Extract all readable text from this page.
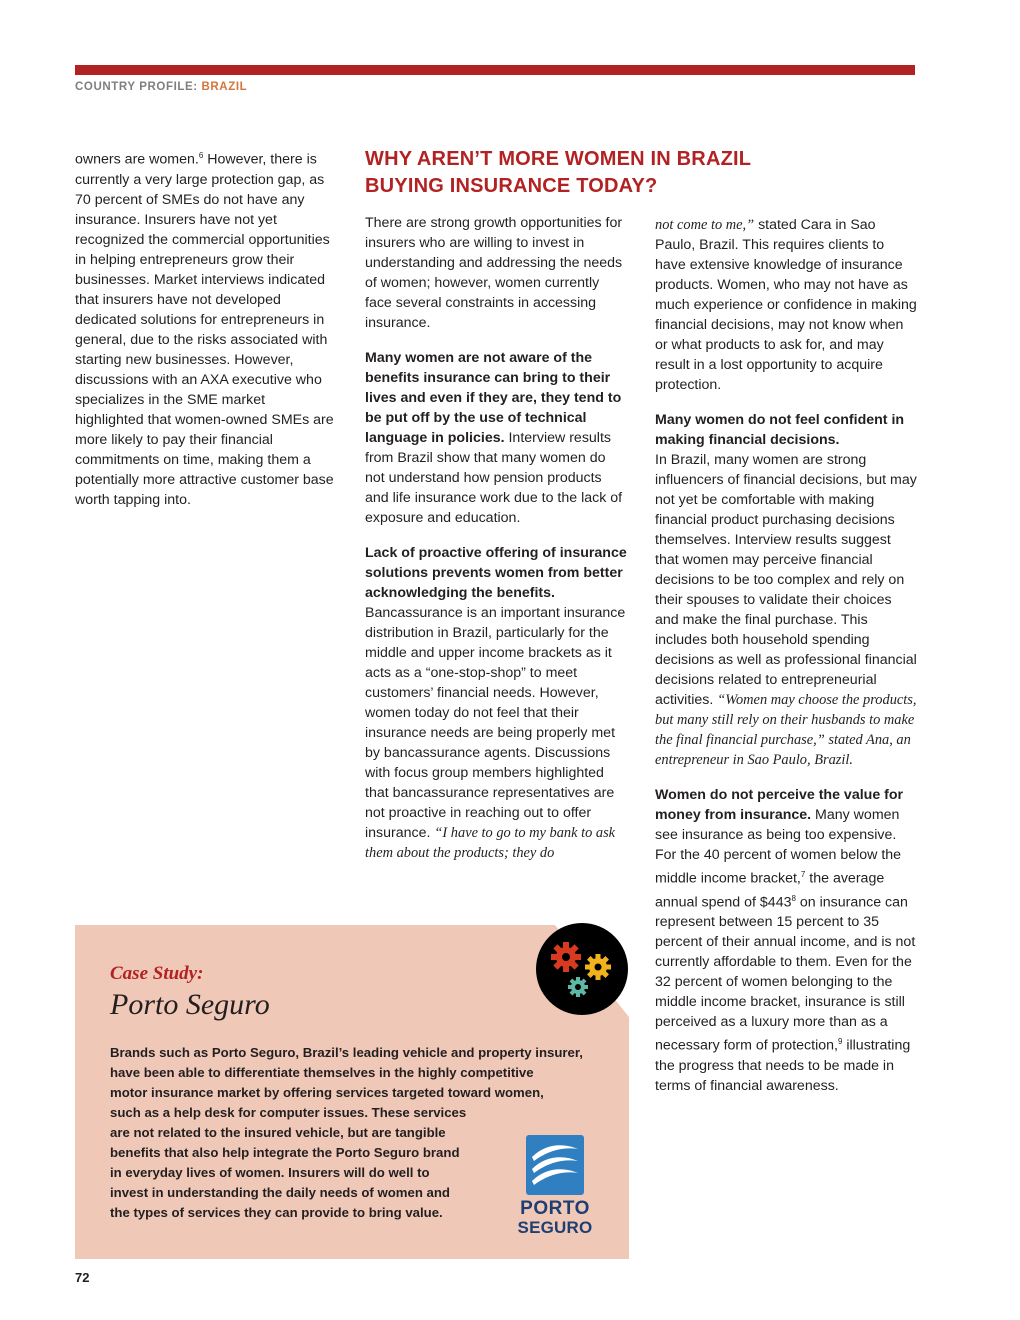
COUNTRY PROFILE: BRAZIL

owners are women.$^6$ However, there is currently a very large protection gap, as 70 percent of SMEs do not have any insurance. Insurers have not yet recognized the commercial opportunities in helping entrepreneurs grow their businesses. Market interviews indicated that insurers have not developed dedicated solutions for entrepreneurs in general, due to the risks associated with starting new businesses. However, discussions with an AXA executive who specializes in the SME market highlighted that women-owned SMEs are more likely to pay their financial commitments on time, making them a potentially more attractive customer base worth tapping into.

WHY AREN’T MORE WOMEN IN BRAZIL BUYING INSURANCE TODAY?

There are strong growth opportunities for insurers who are willing to invest in understanding and addressing the needs of women; however, women currently face several constraints in accessing insurance.

Many women are not aware of the benefits insurance can bring to their lives and even if they are, they tend to be put off by the use of technical language in policies. Interview results from Brazil show that many women do not understand how pension products and life insurance work due to the lack of exposure and education.

Lack of proactive offering of insurance solutions prevents women from better acknowledging the benefits. Bancassurance is an important insurance distribution in Brazil, particularly for the middle and upper income brackets as it acts as a “one-stop-shop” to meet customers’ financial needs. However, women today do not feel that their insurance needs are being properly met by bancassurance agents. Discussions with focus group members highlighted that bancassurance representatives are not proactive in reaching out to offer insurance. “I have to go to my bank to ask them about the products; they do

not come to me,” stated Cara in Sao Paulo, Brazil. This requires clients to have extensive knowledge of insurance products. Women, who may not have as much experience or confidence in making financial decisions, may not know when or what products to ask for, and may result in a lost opportunity to acquire protection.

Many women do not feel confident in making financial decisions.
In Brazil, many women are strong influencers of financial decisions, but may not yet be comfortable with making financial product purchasing decisions themselves. Interview results suggest that women may perceive financial decisions to be too complex and rely on their spouses to validate their choices and make the final purchase. This includes both household spending decisions as well as professional financial decisions related to entrepreneurial activities. “Women may choose the products, but many still rely on their husbands to make the final financial purchase,” stated Ana, an entrepreneur in Sao Paulo, Brazil.

Women do not perceive the value for money from insurance. Many women see insurance as being too expensive. For the 40 percent of women below the middle income bracket,$^7$ the average annual spend of $\$443^8$ on insurance can represent between 15 percent to 35 percent of their annual income, and is not currently affordable to them. Even for the 32 percent of women belonging to the middle income bracket, insurance is still perceived as a luxury more than as a necessary form of protection,$^9$ illustrating the progress that needs to be made in terms of financial awareness.

Case Study:
Porto Seguro
Brands such as Porto Seguro, Brazil’s leading vehicle and property insurer,
have been able to differentiate themselves in the highly competitive
motor insurance market by offering services targeted toward women,
such as a help desk for computer issues. These services
are not related to the insured vehicle, but are tangible
benefits that also help integrate the Porto Seguro brand
in everyday lives of women. Insurers will do well to
invest in understanding the daily needs of women and
the types of services they can provide to bring value.	PORTO
SEGURO
72
